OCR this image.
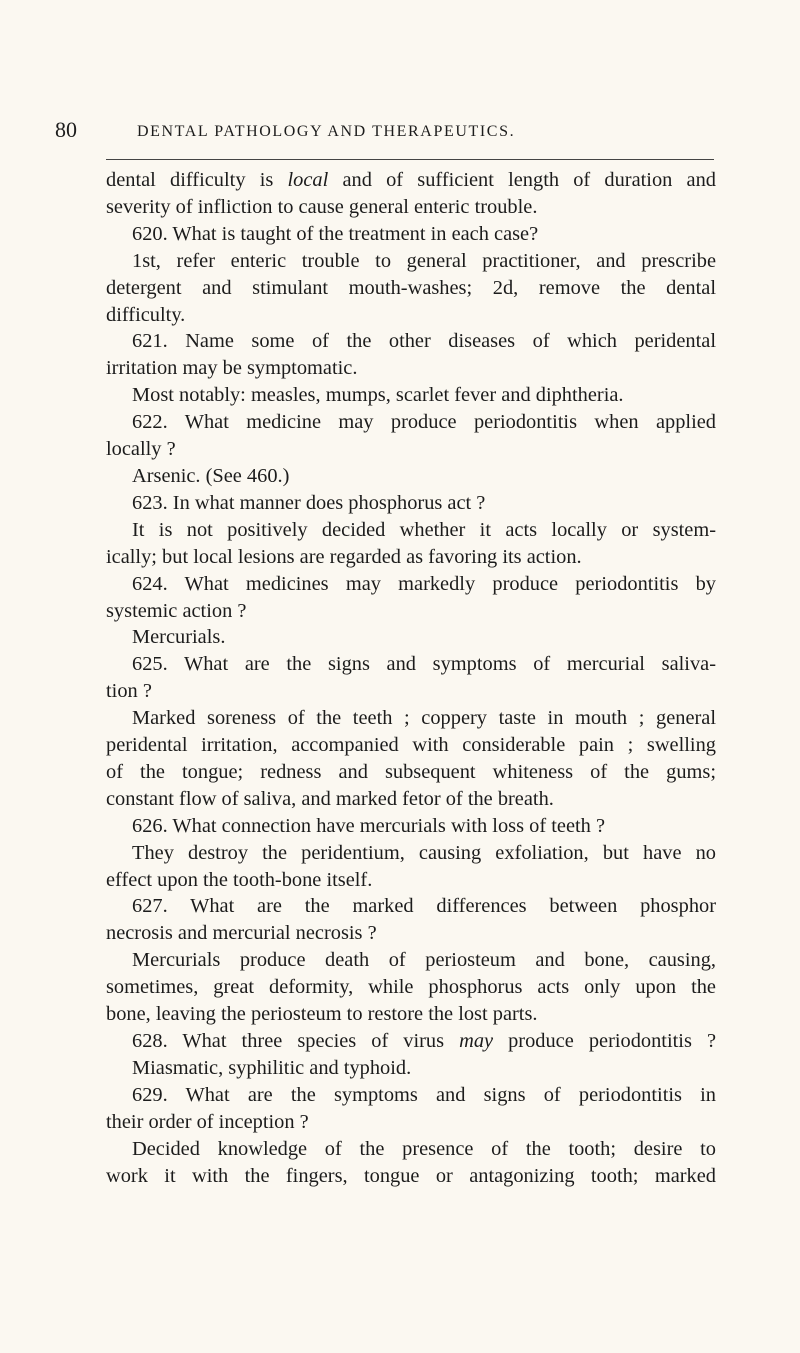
80	DENTAL PATHOLOGY AND THERAPEUTICS.
dental difficulty is local and of sufficient length of duration and
severity of infliction to cause general enteric trouble.
620. What is taught of the treatment in each case?
1st, refer enteric trouble to general practitioner, and prescribe
detergent and stimulant mouth-washes; 2d, remove the dental
difficulty.
621. Name some of the other diseases of which peridental
irritation may be symptomatic.
Most notably: measles, mumps, scarlet fever and diphtheria.
622. What medicine may produce periodontitis when applied
locally ?
Arsenic. (See 460.)
623. In what manner does phosphorus act ?
It is not positively decided whether it acts locally or system-
ically; but local lesions are regarded as favoring its action.
624. What medicines may markedly produce periodontitis by
systemic action ?
Mercurials.
625. What are the signs and symptoms of mercurial saliva-
tion ?
Marked soreness of the teeth ; coppery taste in mouth ; general
peridental irritation, accompanied with considerable pain ; swelling
of the tongue; redness and subsequent whiteness of the gums;
constant flow of saliva, and marked fetor of the breath.
626. What connection have mercurials with loss of teeth ?
They destroy the peridentium, causing exfoliation, but have no
effect upon the tooth-bone itself.
627. What are the marked differences between phosphor
necrosis and mercurial necrosis ?
Mercurials produce death of periosteum and bone, causing,
sometimes, great deformity, while phosphorus acts only upon the
bone, leaving the periosteum to restore the lost parts.
628. What three species of virus may produce periodontitis ?
Miasmatic, syphilitic and typhoid.
629. What are the symptoms and signs of periodontitis in
their order of inception ?
Decided knowledge of the presence of the tooth; desire to
work it with the fingers, tongue or antagonizing tooth; marked
